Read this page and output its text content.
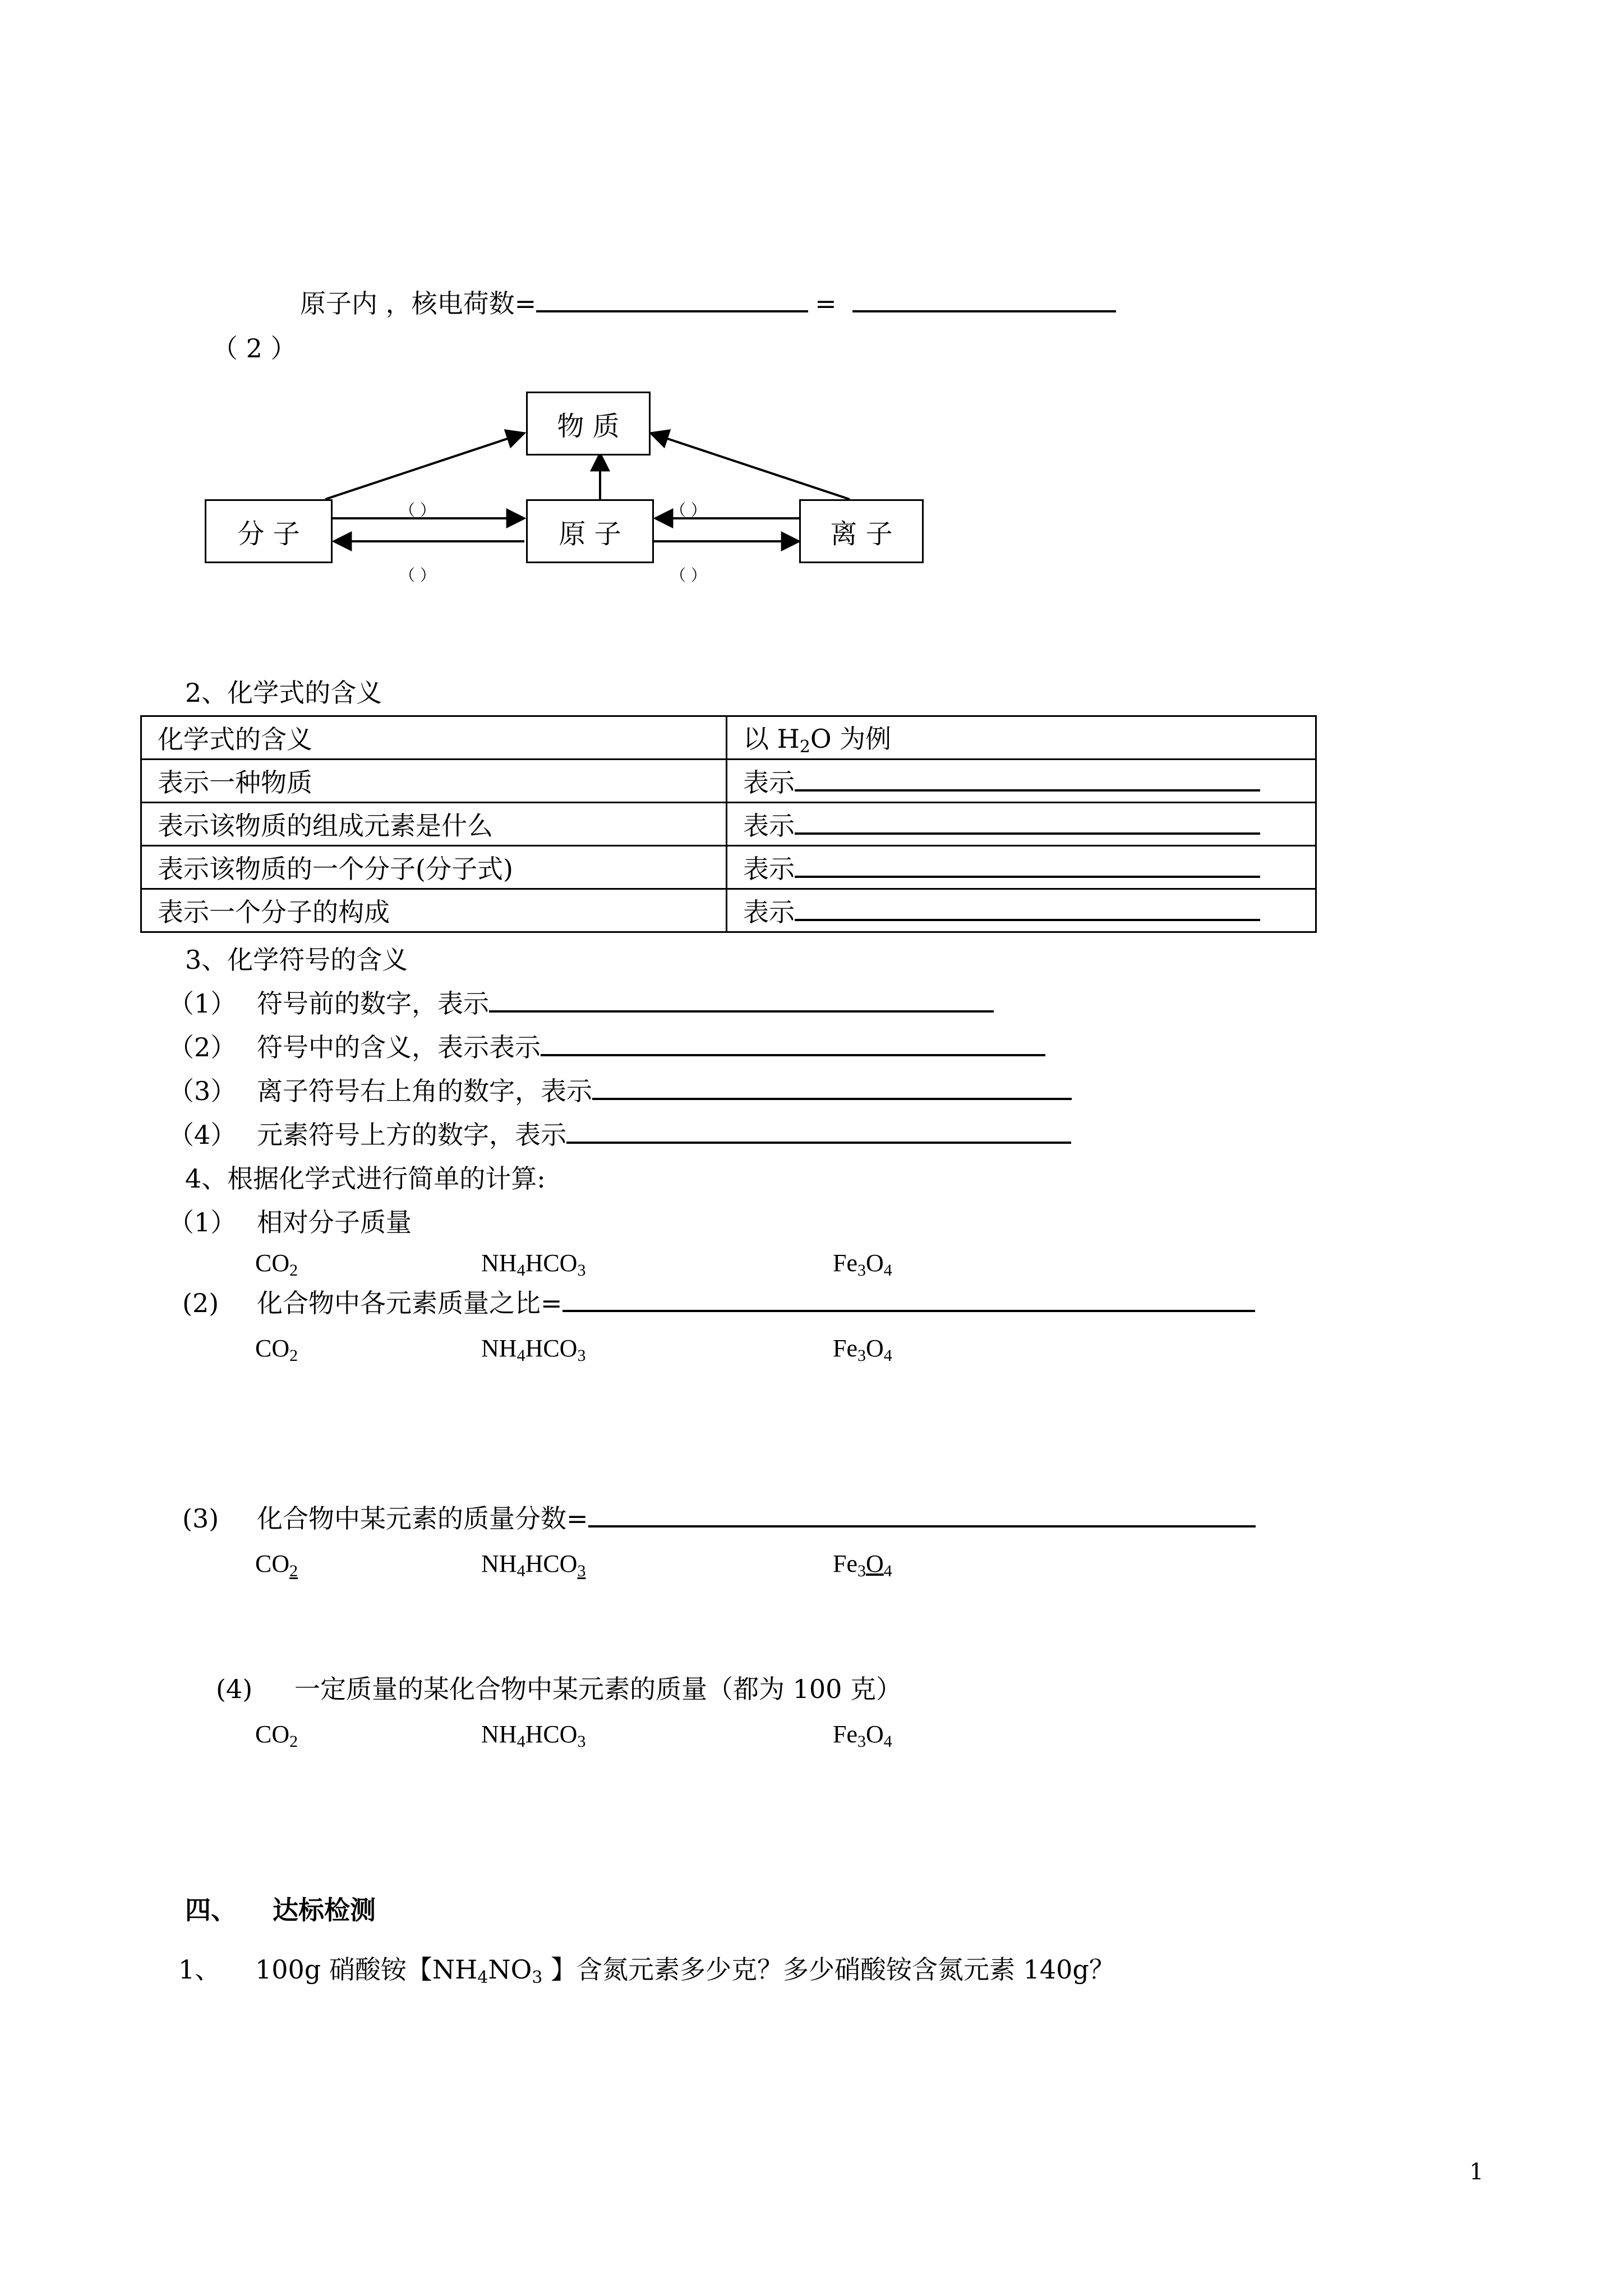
原子内 ，核电荷数=	=
（ 2 ）
物 质
分 子	原 子	离 子
（ ）
（ ）
（ ）
（ ）
2、化学式的含义
化学式的含义	以 $H_2O$ 为例
表示一种物质	表示
表示该物质的组成元素是什么	表示
表示该物质的一个分子(分子式)	表示
表示一个分子的构成	表示
3、化学符号的含义
（1） 符号前的数字，表示
（2） 符号中的含义，表示表示
（3） 离子符号右上角的数字，表示
（4） 元素符号上方的数字，表示
4、根据化学式进行简单的计算:
（1） 相对分子质量
$CO_2$	$NH_4HCO_3$	$Fe_3O_4$
(2) 化合物中各元素质量之比=
$CO_2$	$NH_4HCO_3$	$Fe_3O_4$
(3) 化合物中某元素的质量分数=
$CO_2$	$NH_4HCO_3$	$Fe_3O_4$
(4) 一定质量的某化合物中某元素的质量（都为 100 克）
$CO_2$	$NH_4HCO_3$	$Fe_3O_4$
四、    达标检测
1、 100g 硝酸铵【$NH_4NO_3$ 】含氮元素多少克？多少硝酸铵含氮元素 140g？
1
